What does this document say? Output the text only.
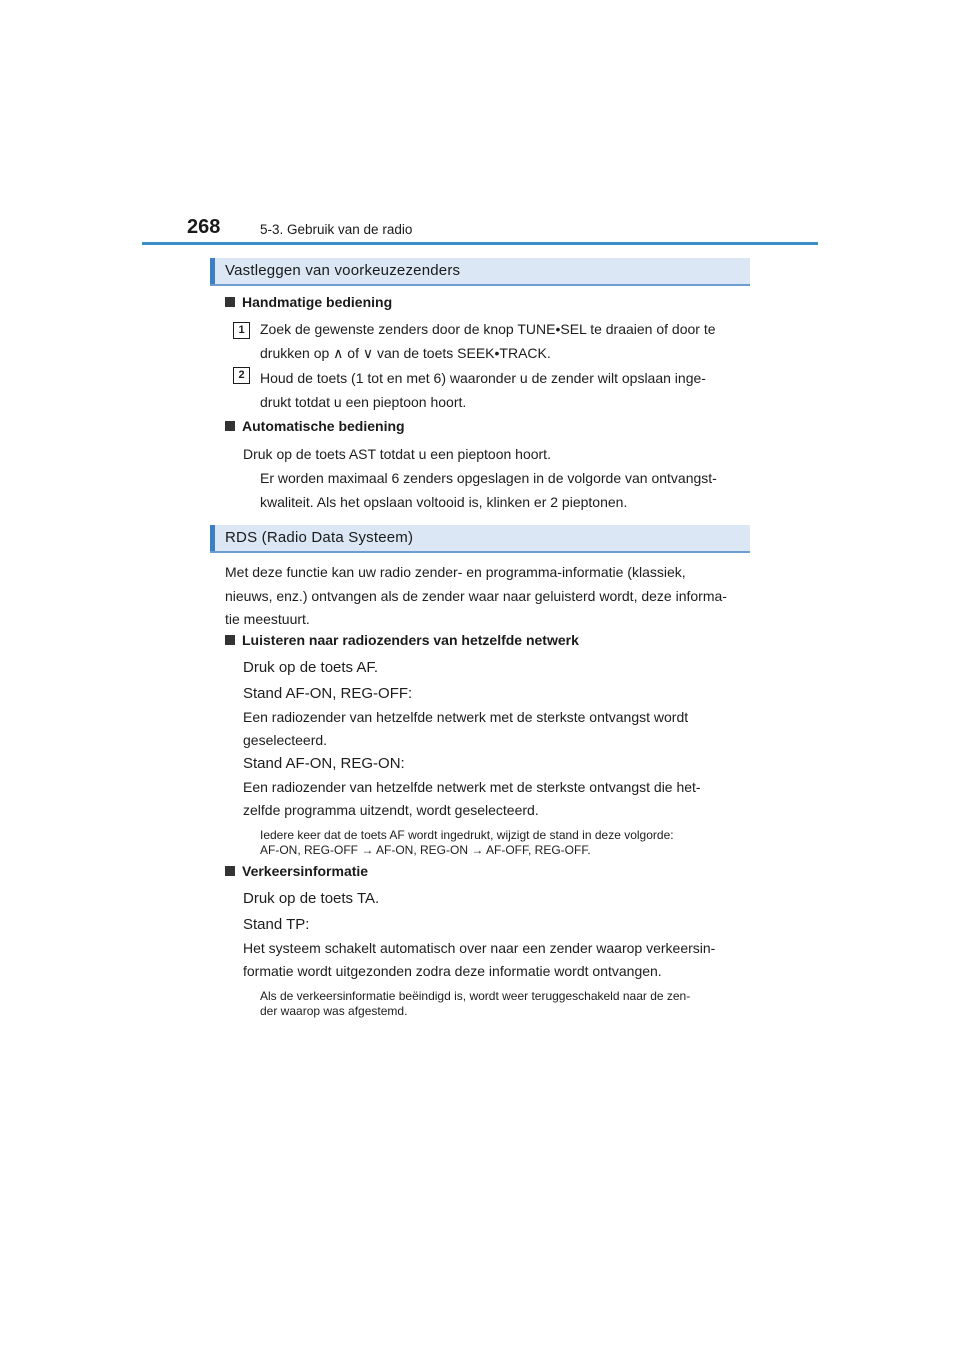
268	5-3. Gebruik van de radio
Vastleggen van voorkeuzezenders
Handmatige bediening
1	Zoek de gewenste zenders door de knop TUNE•SEL te draaien of door te
drukken op ∧ of ∨ van de toets SEEK•TRACK.
2	Houd de toets (1 tot en met 6) waaronder u de zender wilt opslaan inge-
drukt totdat u een pieptoon hoort.
Automatische bediening
Druk op de toets AST totdat u een pieptoon hoort.
Er worden maximaal 6 zenders opgeslagen in de volgorde van ontvangst-
kwaliteit. Als het opslaan voltooid is, klinken er 2 pieptonen.
RDS (Radio Data Systeem)
Met deze functie kan uw radio zender- en programma-informatie (klassiek,
nieuws, enz.) ontvangen als de zender waar naar geluisterd wordt, deze informa-
tie meestuurt.
Luisteren naar radiozenders van hetzelfde netwerk
Druk op de toets AF.
Stand AF-ON, REG-OFF:
Een radiozender van hetzelfde netwerk met de sterkste ontvangst wordt
geselecteerd.
Stand AF-ON, REG-ON:
Een radiozender van hetzelfde netwerk met de sterkste ontvangst die het-
zelfde programma uitzendt, wordt geselecteerd.
Iedere keer dat de toets AF wordt ingedrukt, wijzigt de stand in deze volgorde:
AF-ON, REG-OFF → AF-ON, REG-ON → AF-OFF, REG-OFF.
Verkeersinformatie
Druk op de toets TA.
Stand TP:
Het systeem schakelt automatisch over naar een zender waarop verkeersin-
formatie wordt uitgezonden zodra deze informatie wordt ontvangen.
Als de verkeersinformatie beëindigd is, wordt weer teruggeschakeld naar de zen-
der waarop was afgestemd.
